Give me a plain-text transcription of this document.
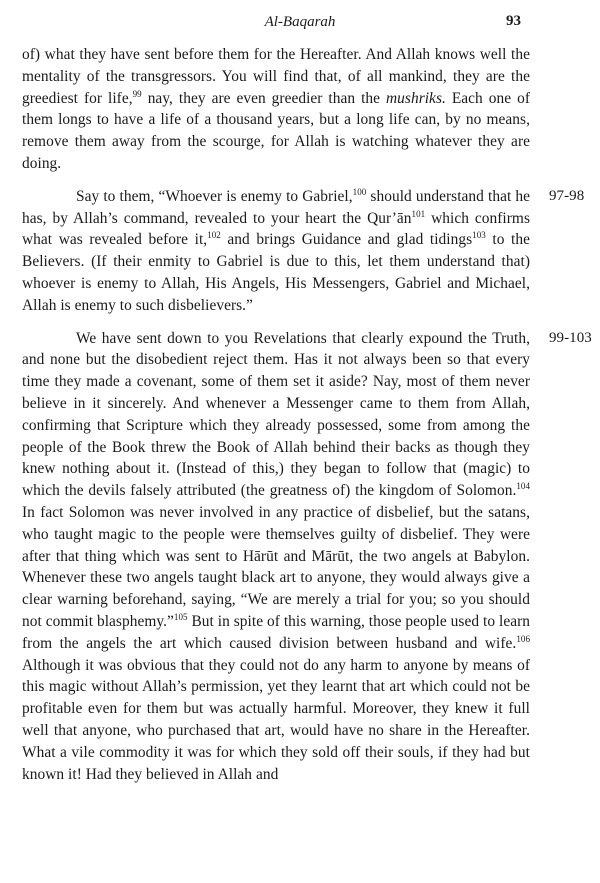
Al-Baqarah	93

of) what they have sent before them for the Hereafter. And Allah knows well the mentality of the transgressors. You will find that, of all mankind, they are the greediest for life,$^{99}$ nay, they are even greedier than the mushriks. Each one of them longs to have a life of a thousand years, but a long life can, by no means, remove them away from the scourge, for Allah is watching whatever they are doing.

97-98
Say to them, “Whoever is enemy to Gabriel,$^{100}$ should understand that he has, by Allah’s command, revealed to your heart the $Qur’ān^{101}$ which confirms what was revealed before it,$^{102}$ and brings Guidance and glad tidings$^{103}$ to the Believers. (If their enmity to Gabriel is due to this, let them understand that) whoever is enemy to Allah, His Angels, His Messengers, Gabriel and Michael, Allah is enemy to such disbelievers.”

99-103
We have sent down to you Revelations that clearly expound the Truth, and none but the disobedient reject them. Has it not always been so that every time they made a covenant, some of them set it aside? Nay, most of them never believe in it sincerely. And whenever a Messenger came to them from Allah, confirming that Scripture which they already possessed, some from among the people of the Book threw the Book of Allah behind their backs as though they knew nothing about it. (Instead of this,) they began to follow that (magic) to which the devils falsely attributed (the greatness of) the kingdom of Solomon.$^{104}$ In fact Solomon was never involved in any practice of disbelief, but the satans, who taught magic to the people were themselves guilty of disbelief. They were after that thing which was sent to Hārūt and Mārūt, the two angels at Babylon. Whenever these two angels taught black art to anyone, they would always give a clear warning beforehand, saying, “We are merely a trial for you; so you should not commit blasphemy.”$^{105}$ But in spite of this warning, those people used to learn from the angels the art which caused division between husband and wife.$^{106}$ Although it was obvious that they could not do any harm to anyone by means of this magic without Allah’s permission, yet they learnt that art which could not be profitable even for them but was actually harmful. Moreover, they knew it full well that anyone, who purchased that art, would have no share in the Hereafter. What a vile commodity it was for which they sold off their souls, if they had but known it! Had they believed in Allah and
